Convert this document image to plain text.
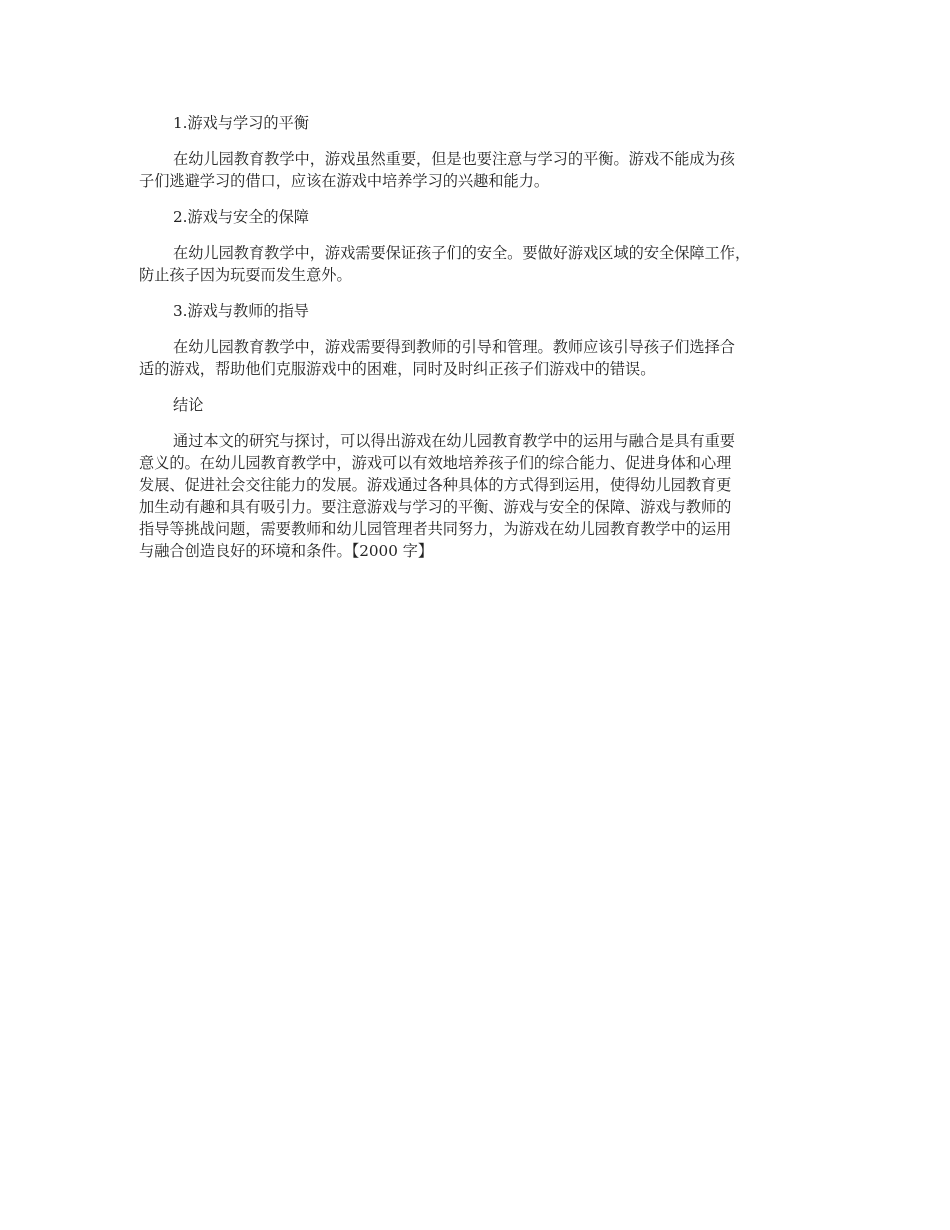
1.游戏与学习的平衡

在幼儿园教育教学中，游戏虽然重要，但是也要注意与学习的平衡。游戏不能成为孩
子们逃避学习的借口，应该在游戏中培养学习的兴趣和能力。

2.游戏与安全的保障

在幼儿园教育教学中，游戏需要保证孩子们的安全。要做好游戏区域的安全保障工作，
防止孩子因为玩耍而发生意外。

3.游戏与教师的指导

在幼儿园教育教学中，游戏需要得到教师的引导和管理。教师应该引导孩子们选择合
适的游戏，帮助他们克服游戏中的困难，同时及时纠正孩子们游戏中的错误。

结论

通过本文的研究与探讨，可以得出游戏在幼儿园教育教学中的运用与融合是具有重要
意义的。在幼儿园教育教学中，游戏可以有效地培养孩子们的综合能力、促进身体和心理
发展、促进社会交往能力的发展。游戏通过各种具体的方式得到运用，使得幼儿园教育更
加生动有趣和具有吸引力。要注意游戏与学习的平衡、游戏与安全的保障、游戏与教师的
指导等挑战问题，需要教师和幼儿园管理者共同努力，为游戏在幼儿园教育教学中的运用
与融合创造良好的环境和条件。【2000 字】
